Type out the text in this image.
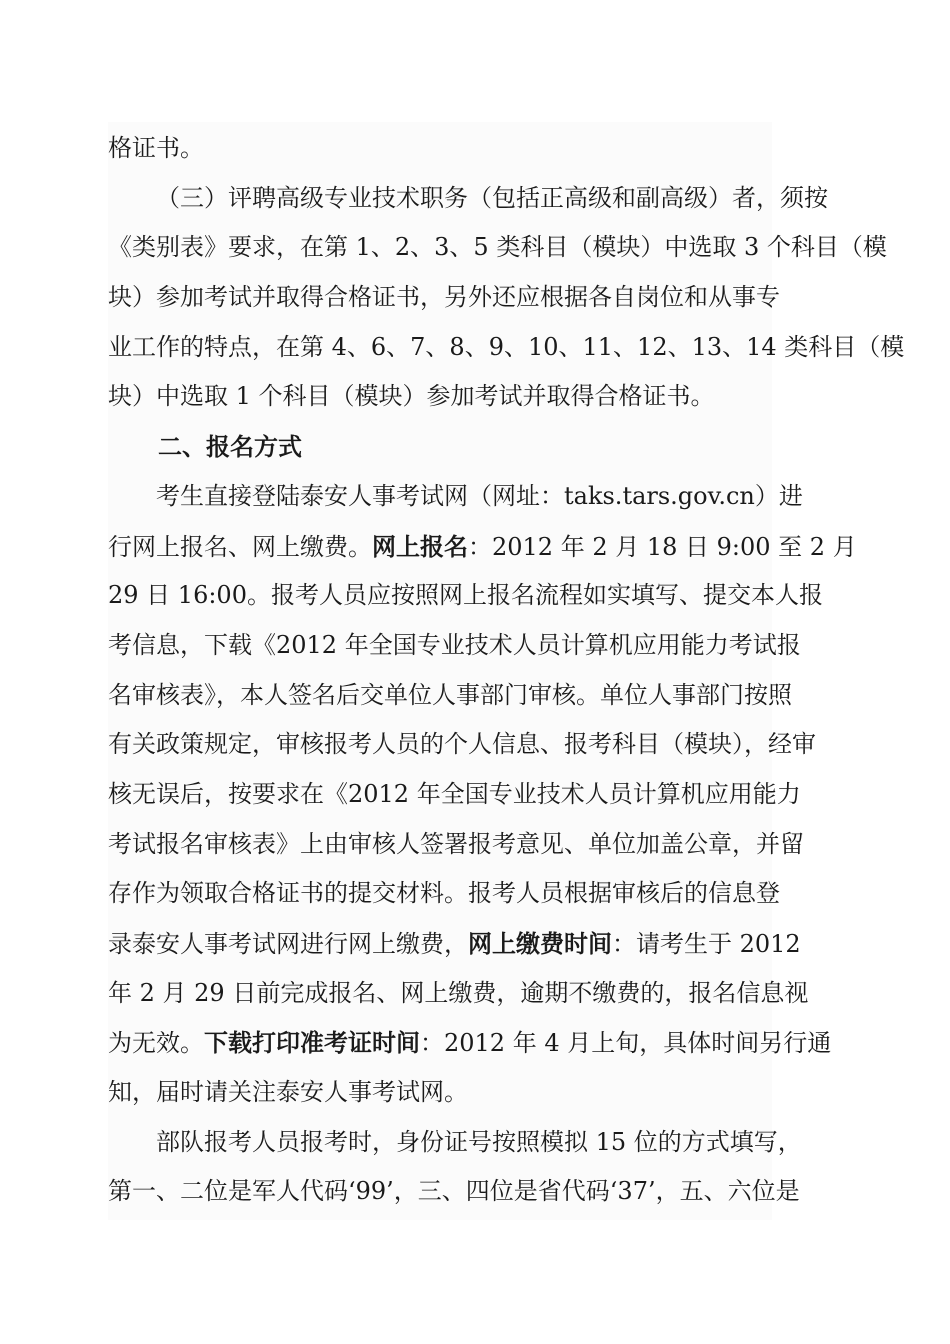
格证书。
（三）评聘高级专业技术职务（包括正高级和副高级）者，须按
《类别表》要求，在第 1、2、3、5 类科目（模块）中选取 3 个科目（模
块）参加考试并取得合格证书，另外还应根据各自岗位和从事专
业工作的特点，在第 4、6、7、8、9、10、11、12、13、14 类科目（模
块）中选取 1 个科目（模块）参加考试并取得合格证书。
二、报名方式
考生直接登陆泰安人事考试网（网址：taks.tars.gov.cn）进
行网上报名、网上缴费。网上报名：2012 年 2 月 18 日 9:00 至 2 月
29 日 16:00。报考人员应按照网上报名流程如实填写、提交本人报
考信息，下载《2012 年全国专业技术人员计算机应用能力考试报
名审核表》，本人签名后交单位人事部门审核。单位人事部门按照
有关政策规定，审核报考人员的个人信息、报考科目（模块），经审
核无误后，按要求在《2012 年全国专业技术人员计算机应用能力
考试报名审核表》上由审核人签署报考意见、单位加盖公章，并留
存作为领取合格证书的提交材料。报考人员根据审核后的信息登
录泰安人事考试网进行网上缴费，网上缴费时间：请考生于 2012
年 2 月 29 日前完成报名、网上缴费，逾期不缴费的，报名信息视
为无效。下载打印准考证时间：2012 年 4 月上旬，具体时间另行通
知，届时请关注泰安人事考试网。
部队报考人员报考时，身份证号按照模拟 15 位的方式填写，
第一、二位是军人代码‘99’，三、四位是省代码‘37’，五、六位是
